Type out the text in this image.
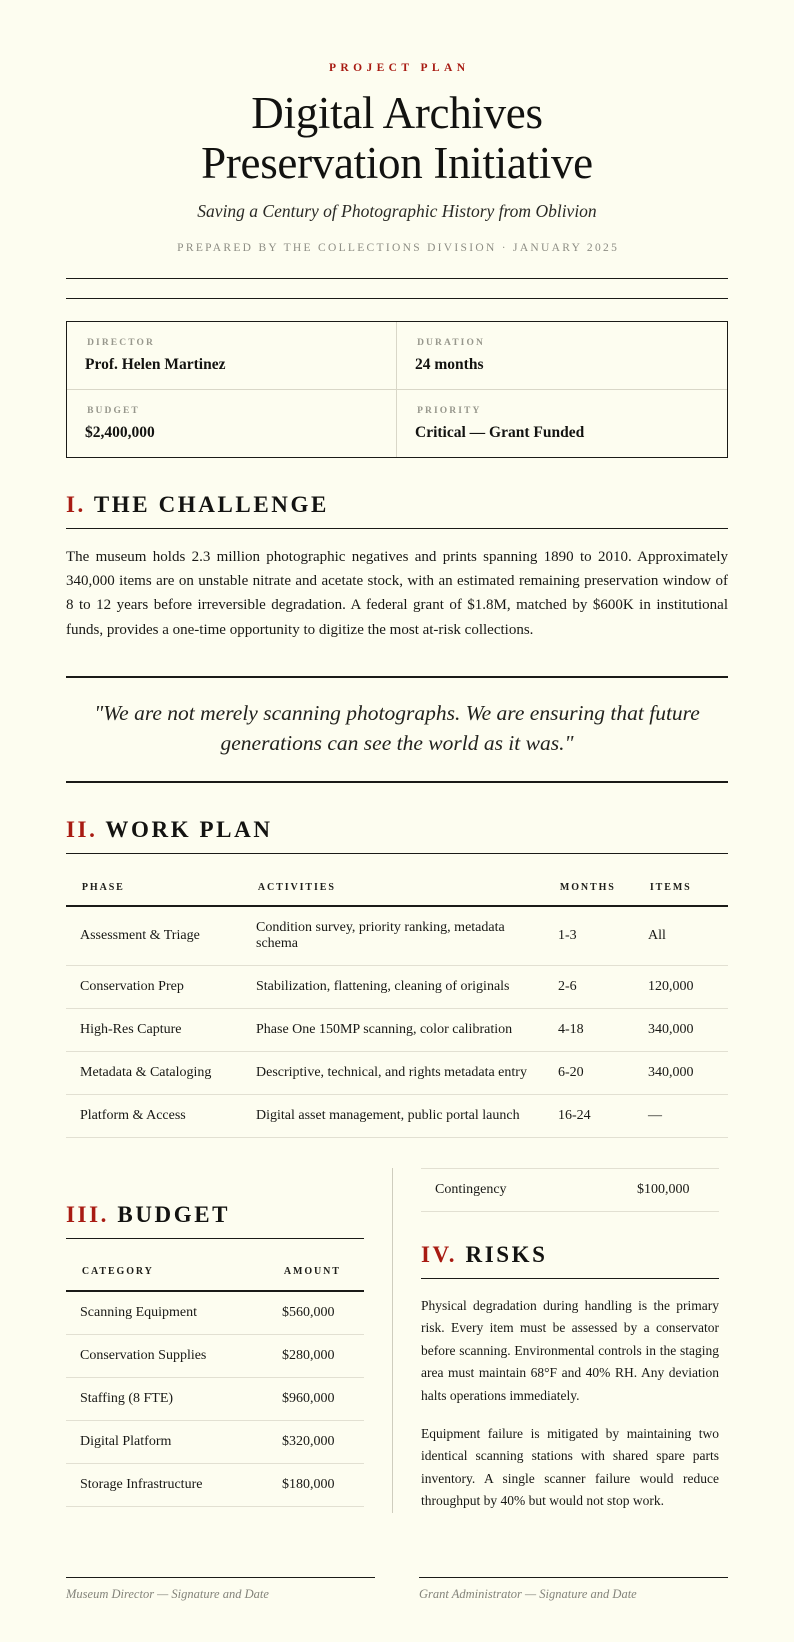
PROJECT PLAN
Digital Archives
Preservation Initiative
Saving a Century of Photographic History from Oblivion
PREPARED BY THE COLLECTIONS DIVISION · JANUARY 2025
DIRECTOR
Prof. Helen Martinez
DURATION
24 months
BUDGET
$2,400,000
PRIORITY
Critical — Grant Funded
I. THE CHALLENGE

The museum holds 2.3 million photographic negatives and prints spanning 1890 to 2010. Approximately 340,000 items are on unstable nitrate and acetate stock, with an estimated remaining preservation window of 8 to 12 years before irreversible degradation. A federal grant of $1.8M, matched by $600K in institutional funds, provides a one-time opportunity to digitize the most at-risk collections.

"We are not merely scanning photographs. We are ensuring that future generations can see the world as it was."

II. WORK PLAN
PHASE	ACTIVITIES	MONTHS	ITEMS
Assessment & Triage	Condition survey, priority ranking, metadata schema	1-3	All
Conservation Prep	Stabilization, flattening, cleaning of originals	2-6	120,000
High-Res Capture	Phase One 150MP scanning, color calibration	4-18	340,000
Metadata & Cataloging	Descriptive, technical, and rights metadata entry	6-20	340,000
Platform & Access	Digital asset management, public portal launch	16-24	—
III. BUDGET
CATEGORY	AMOUNT
Scanning Equipment	$560,000
Conservation Supplies	$280,000
Staffing (8 FTE)	$960,000
Digital Platform	$320,000
Storage Infrastructure	$180,000
Contingency	$100,000
IV. RISKS

Physical degradation during handling is the primary risk. Every item must be assessed by a conservator before scanning. Environmental controls in the staging area must maintain 68°F and 40% RH. Any deviation halts operations immediately.

Equipment failure is mitigated by maintaining two identical scanning stations with shared spare parts inventory. A single scanner failure would reduce throughput by 40% but would not stop work.

Museum Director — Signature and Date	Grant Administrator — Signature and Date
